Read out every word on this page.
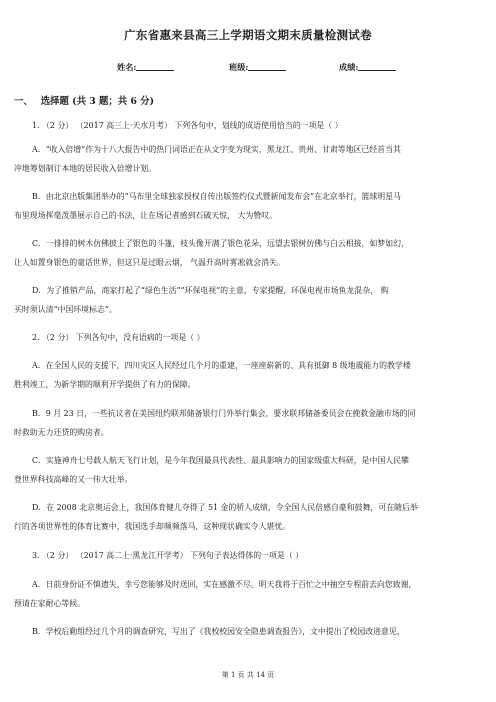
广东省惠来县高三上学期语文期末质量检测试卷
姓名:	班级:	成绩:
一、 选择题 (共 3 题；共 6 分)
1. （2 分） （2017 高三上·天水月考） 下列各句中，划线的成语使用恰当的一项是（ ）
A．“收入倍增”作为十八大报告中的热门词语正在从文字变为现实，黑龙江、贵州、甘肃等地区已经首当其
冲地筹划制订本地的居民收入倍增计划。
B．由北京出版集团举办的“马布里全球独家授权自传出版签约仪式暨新闻发布会”在北京举行，篮球明星马
布里现场挥毫泼墨展示自己的书法，让在场记者感到石破天惊， 大为赞叹。
C．一排排的树木仿佛披上了银色的斗篷，枝头像开满了银色花朵，远望去银树仿佛与白云相接，如梦如幻，
让人如置身银色的童话世界，但这只是过眼云烟， 气温升高时雾凇就会消失。
D．为了推销产品，商家打起了“绿色生活”“环保电视”的主意，专家提醒，环保电视市场鱼龙混杂， 购
买时须认清“中国环境标志”。
2. （2 分） 下列各句中，没有语病的一项是（ ）
A．在全国人民的支援下，四川灾区人民经过几个月的重建，一座座崭新的、具有抵御 8 级地震能力的教学楼
胜利竣工，为新学期的顺利开学提供了有力的保障。
B．9 月 23 日，一些抗议者在美国纽约联邦储备银行门外举行集会，要求联邦储备委员会在挽救金融市场的同
时救助无力还贷的购房者。
C．实施神舟七号载人航天飞行计划，是今年我国最具代表性、最具影响力的国家级重大科研，是中国人民攀
登世界科技高峰的又一伟大壮举。
D．在 2008 北京奥运会上，我国体育健儿夺得了 51 金的骄人成绩，令全国人民倍感自豪和鼓舞，可在随后举
行的各项世界性的体育比赛中，我国选手却频频落马，这种现状确实令人堪忧。
3. （2 分） （2017 高二上·黑龙江开学考） 下列句子表达得体的一项是（ ）
A．日前身份证不慎遗失，幸亏您能够及时送回，实在感激不尽。明天我将于百忙之中抽空专程前去向您致谢，
预请在家耐心等候。
B．学校后勤组经过几个月的调查研究，写出了《我校校园安全隐患调查报告》，文中提出了校园改进意见，
第 1 页 共 14 页
